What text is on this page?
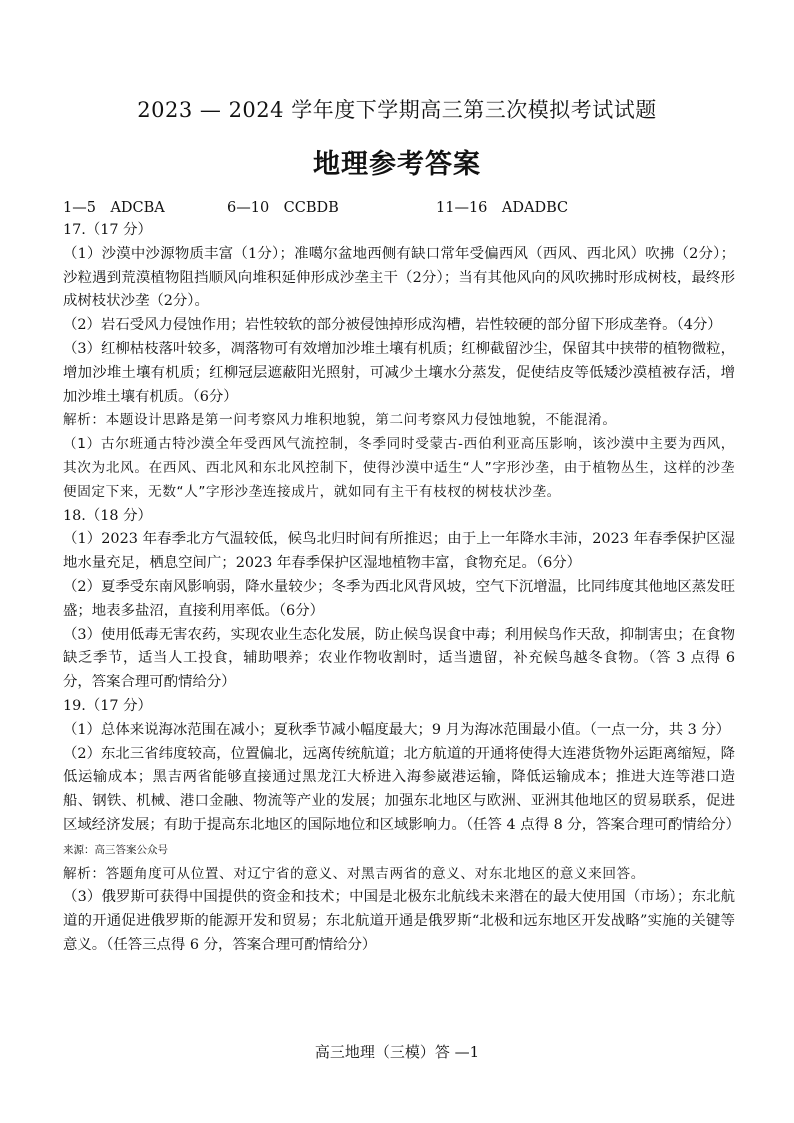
2023 — 2024 学年度下学期高三第三次模拟考试试题
地理参考答案
1—5　ADCBA	6—10　CCBDB	11—16　ADADBC

17.（17 分）

（1）沙漠中沙源物质丰富（1分）；准噶尔盆地西侧有缺口常年受偏西风（西风、西北风）吹拂（2分）；沙粒遇到荒漠植物阻挡顺风向堆积延伸形成沙垄主干（2分）；当有其他风向的风吹拂时形成树枝，最终形成树枝状沙垄（2分）。

（2）岩石受风力侵蚀作用；岩性较软的部分被侵蚀掉形成沟槽，岩性较硬的部分留下形成垄脊。（4分）

（3）红柳枯枝落叶较多，凋落物可有效增加沙堆土壤有机质；红柳截留沙尘，保留其中挟带的植物微粒，增加沙堆土壤有机质；红柳冠层遮蔽阳光照射，可减少土壤水分蒸发，促使结皮等低矮沙漠植被存活，增加沙堆土壤有机质。（6分）

解析：本题设计思路是第一问考察风力堆积地貌，第二问考察风力侵蚀地貌，不能混淆。

（1）古尔班通古特沙漠全年受西风气流控制，冬季同时受蒙古-西伯利亚高压影响，该沙漠中主要为西风，其次为北风。在西风、西北风和东北风控制下，使得沙漠中适生“人”字形沙垄，由于植物丛生，这样的沙垄便固定下来，无数“人”字形沙垄连接成片，就如同有主干有枝杈的树枝状沙垄。

18.（18 分）

（1）2023 年春季北方气温较低，候鸟北归时间有所推迟；由于上一年降水丰沛，2023 年春季保护区湿地水量充足，栖息空间广；2023 年春季保护区湿地植物丰富，食物充足。（6分）

（2）夏季受东南风影响弱，降水量较少；冬季为西北风背风坡，空气下沉增温，比同纬度其他地区蒸发旺盛；地表多盐沼，直接利用率低。（6分）

（3）使用低毒无害农药，实现农业生态化发展，防止候鸟误食中毒；利用候鸟作天敌，抑制害虫；在食物缺乏季节，适当人工投食，辅助喂养；农业作物收割时，适当遗留，补充候鸟越冬食物。（答 3 点得 6 分，答案合理可酌情给分）

19.（17 分）

（1）总体来说海冰范围在减小；夏秋季节减小幅度最大；9 月为海冰范围最小值。（一点一分，共 3 分）

（2）东北三省纬度较高，位置偏北，远离传统航道；北方航道的开通将使得大连港货物外运距离缩短，降低运输成本；黑吉两省能够直接通过黑龙江大桥进入海参崴港运输，降低运输成本；推进大连等港口造船、钢铁、机械、港口金融、物流等产业的发展；加强东北地区与欧洲、亚洲其他地区的贸易联系，促进区域经济发展；有助于提高东北地区的国际地位和区域影响力。（任答 4 点得 8 分，答案合理可酌情给分）来源：高三答案公众号

解析：答题角度可从位置、对辽宁省的意义、对黑吉两省的意义、对东北地区的意义来回答。

（3）俄罗斯可获得中国提供的资金和技术；中国是北极东北航线未来潜在的最大使用国（市场）；东北航道的开通促进俄罗斯的能源开发和贸易；东北航道开通是俄罗斯“北极和远东地区开发战略”实施的关键等意义。（任答三点得 6 分，答案合理可酌情给分）

高三地理（三模）答 —1
